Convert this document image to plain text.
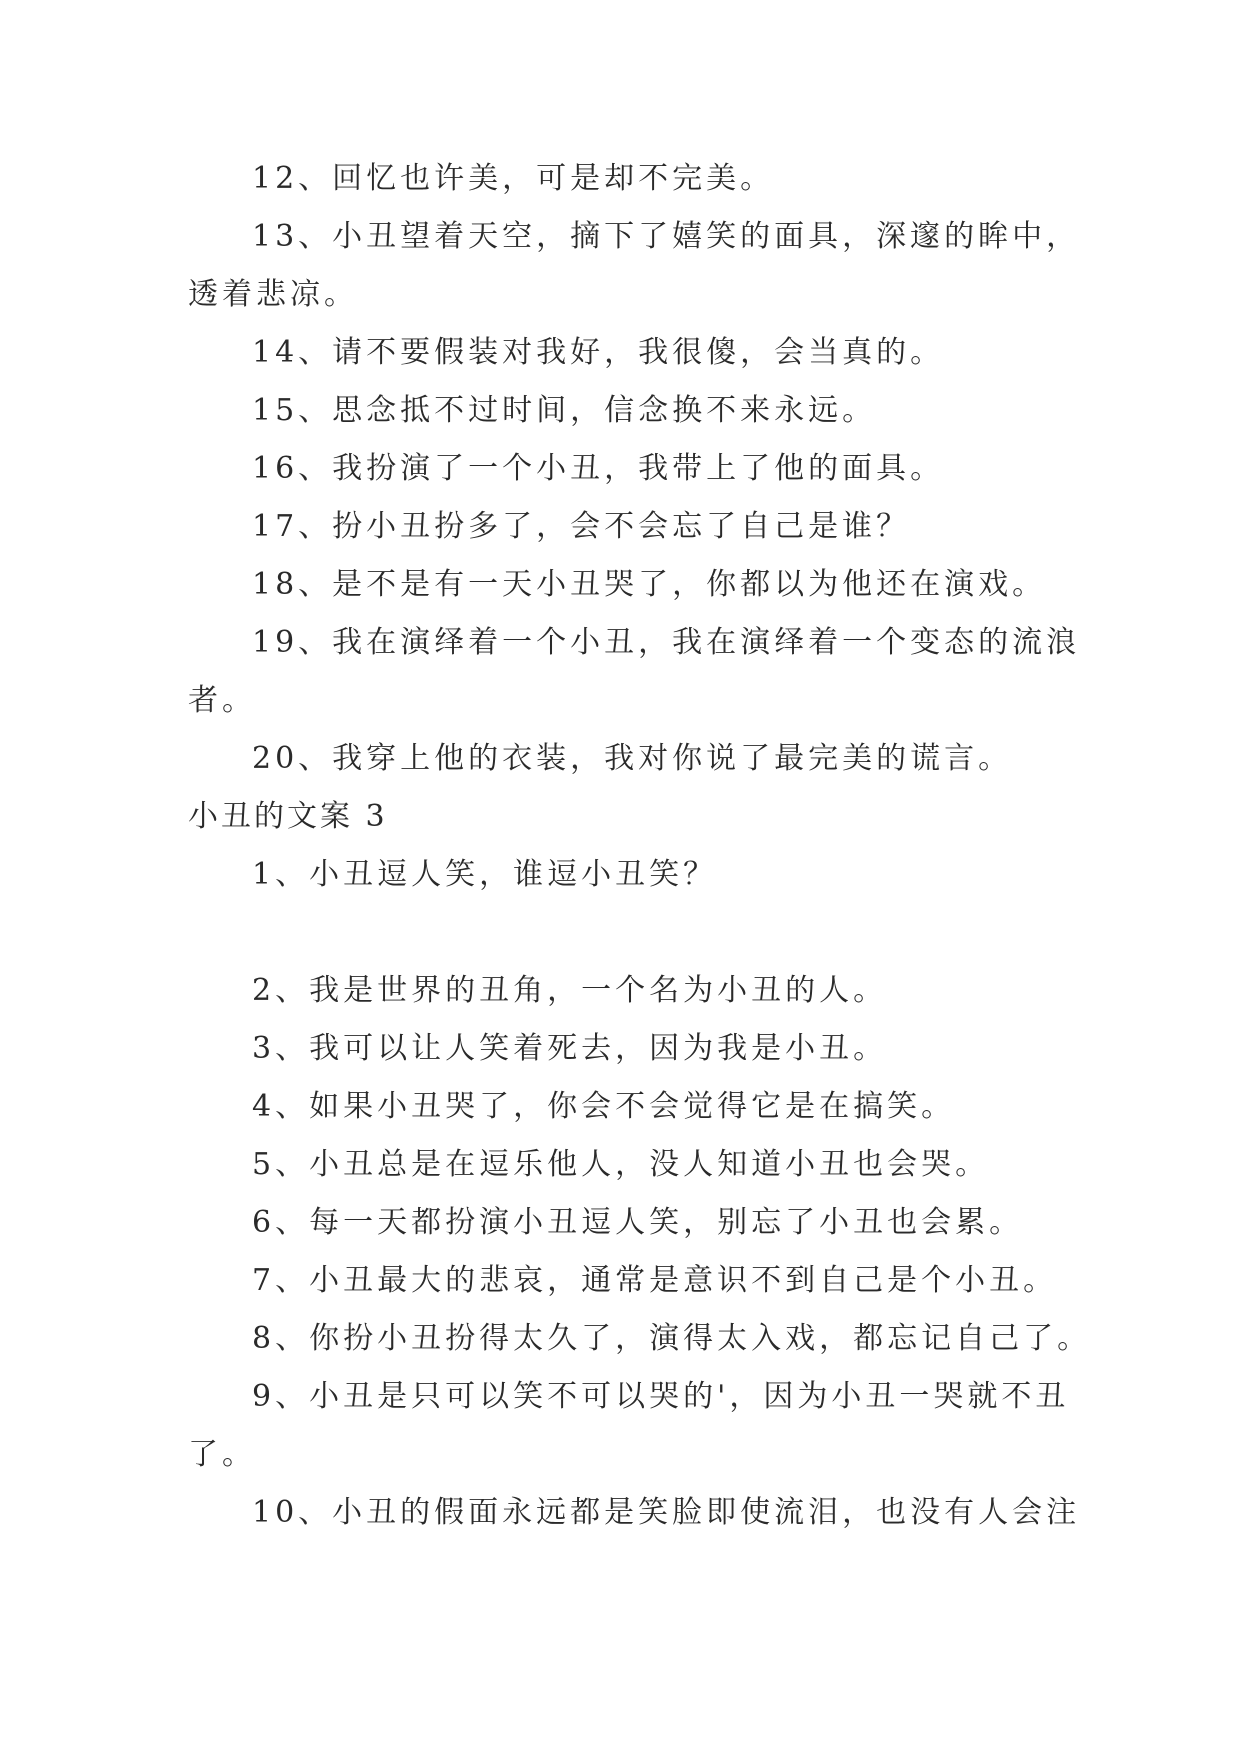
12、回忆也许美，可是却不完美。
13、小丑望着天空，摘下了嬉笑的面具，深邃的眸中，
透着悲凉。
14、请不要假装对我好，我很傻，会当真的。
15、思念抵不过时间，信念换不来永远。
16、我扮演了一个小丑，我带上了他的面具。
17、扮小丑扮多了，会不会忘了自己是谁？
18、是不是有一天小丑哭了，你都以为他还在演戏。
19、我在演绎着一个小丑，我在演绎着一个变态的流浪
者。
20、我穿上他的衣装，我对你说了最完美的谎言。
小丑的文案 3
1、小丑逗人笑，谁逗小丑笑？
2、我是世界的丑角，一个名为小丑的人。
3、我可以让人笑着死去，因为我是小丑。
4、如果小丑哭了，你会不会觉得它是在搞笑。
5、小丑总是在逗乐他人，没人知道小丑也会哭。
6、每一天都扮演小丑逗人笑，别忘了小丑也会累。
7、小丑最大的悲哀，通常是意识不到自己是个小丑。
8、你扮小丑扮得太久了，演得太入戏，都忘记自己了。
9、小丑是只可以笑不可以哭的'，因为小丑一哭就不丑
了。
10、小丑的假面永远都是笑脸即使流泪，也没有人会注
